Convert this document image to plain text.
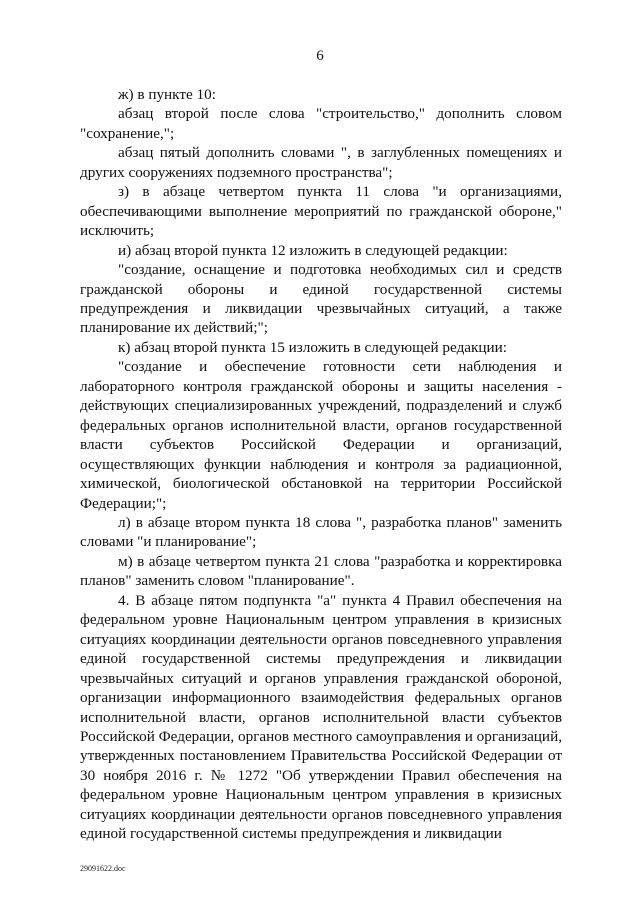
6

ж) в пункте 10:

абзац второй после слова "строительство," дополнить словом "сохранение,";

абзац пятый дополнить словами ", в заглубленных помещениях и других сооружениях подземного пространства";

з) в абзаце четвертом пункта 11 слова "и организациями, обеспечивающими выполнение мероприятий по гражданской обороне," исключить;

и) абзац второй пункта 12 изложить в следующей редакции:

"создание, оснащение и подготовка необходимых сил и средств гражданской обороны и единой государственной системы предупреждения и ликвидации чрезвычайных ситуаций, а также планирование их действий;";

к) абзац второй пункта 15 изложить в следующей редакции:

"создание и обеспечение готовности сети наблюдения и лабораторного контроля гражданской обороны и защиты населения - действующих специализированных учреждений, подразделений и служб федеральных органов исполнительной власти, органов государственной власти субъектов Российской Федерации и организаций, осуществляющих функции наблюдения и контроля за радиационной, химической, биологической обстановкой на территории Российской Федерации;";

л) в абзаце втором пункта 18 слова ", разработка планов" заменить словами "и планирование";

м) в абзаце четвертом пункта 21 слова "разработка и корректировка планов" заменить словом "планирование".

4. В абзаце пятом подпункта "а" пункта 4 Правил обеспечения на федеральном уровне Национальным центром управления в кризисных ситуациях координации деятельности органов повседневного управления единой государственной системы предупреждения и ликвидации чрезвычайных ситуаций и органов управления гражданской обороной, организации информационного взаимодействия федеральных органов исполнительной власти, органов исполнительной власти субъектов Российской Федерации, органов местного самоуправления и организаций, утвержденных постановлением Правительства Российской Федерации от 30 ноября 2016 г. № 1272 "Об утверждении Правил обеспечения на федеральном уровне Национальным центром управления в кризисных ситуациях координации деятельности органов повседневного управления единой государственной системы предупреждения и ликвидации

29091622.doc
